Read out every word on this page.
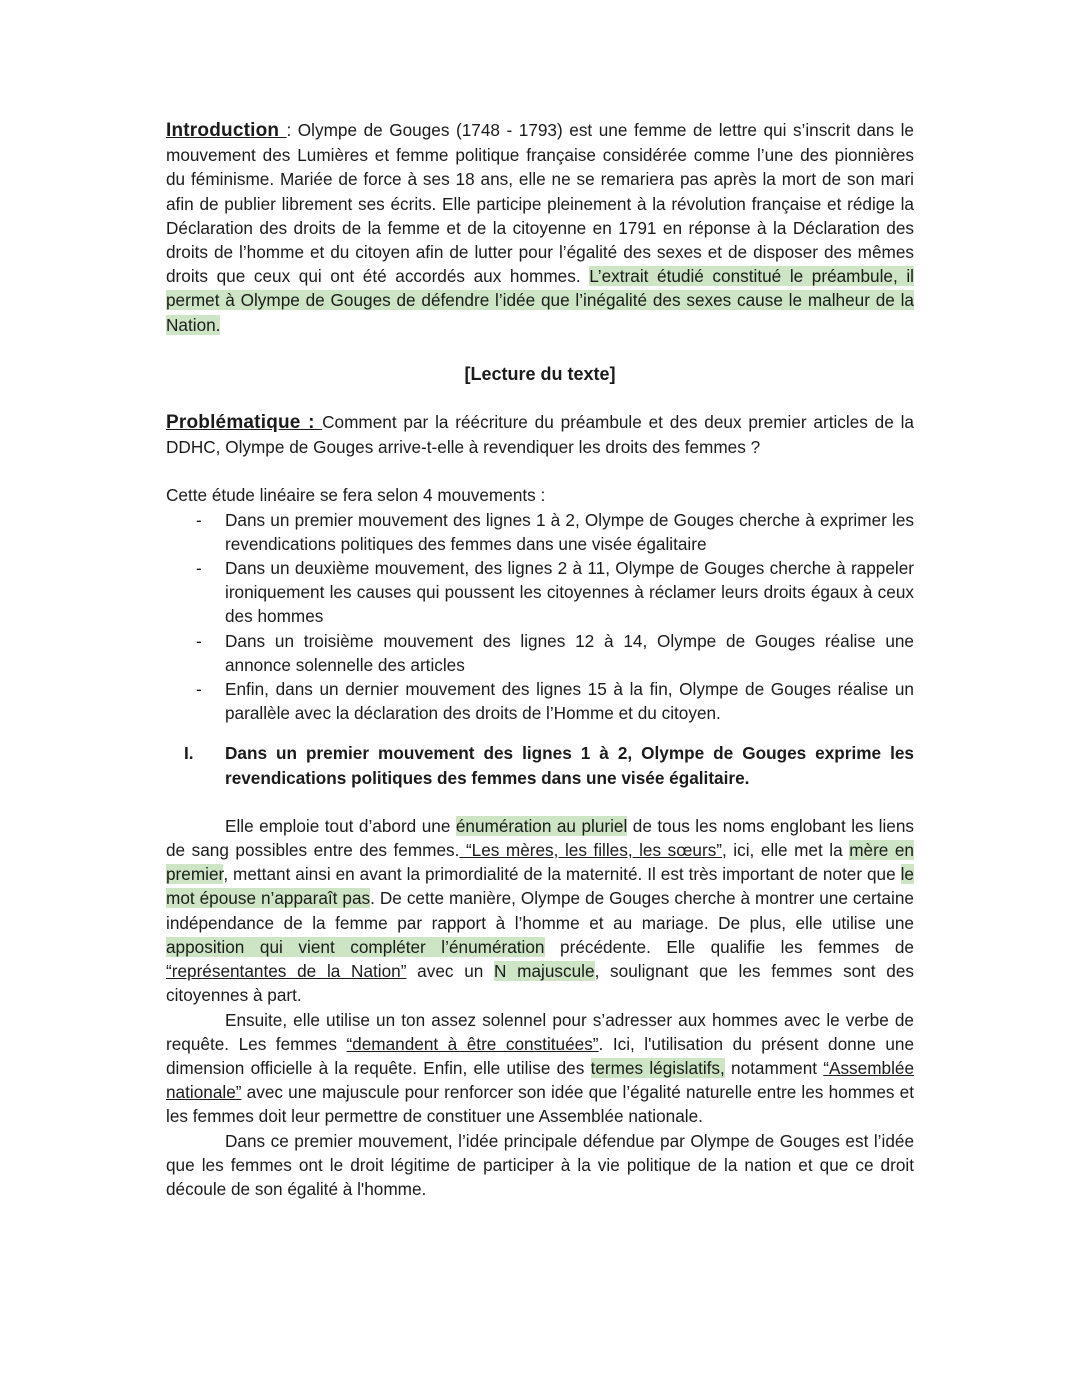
Introduction : Olympe de Gouges (1748 - 1793) est une femme de lettre qui s’inscrit dans le mouvement des Lumières et femme politique française considérée comme l’une des pionnières du féminisme. Mariée de force à ses 18 ans, elle ne se remariera pas après la mort de son mari afin de publier librement ses écrits. Elle participe pleinement à la révolution française et rédige la Déclaration des droits de la femme et de la citoyenne en 1791 en réponse à la Déclaration des droits de l’homme et du citoyen afin de lutter pour l’égalité des sexes et de disposer des mêmes droits que ceux qui ont été accordés aux hommes. L’extrait étudié constitué le préambule, il permet à Olympe de Gouges de défendre l’idée que l’inégalité des sexes cause le malheur de la Nation.

[Lecture du texte]

Problématique : Comment par la réécriture du préambule et des deux premier articles de la DDHC, Olympe de Gouges arrive-t-elle à revendiquer les droits des femmes ?

Cette étude linéaire se fera selon 4 mouvements :

- Dans un premier mouvement des lignes 1 à 2, Olympe de Gouges cherche à exprimer les revendications politiques des femmes dans une visée égalitaire
- Dans un deuxième mouvement, des lignes 2 à 11, Olympe de Gouges cherche à rappeler ironiquement les causes qui poussent les citoyennes à réclamer leurs droits égaux à ceux des hommes
- Dans un troisième mouvement des lignes 12 à 14, Olympe de Gouges réalise une annonce solennelle des articles
- Enfin, dans un dernier mouvement des lignes 15 à la fin, Olympe de Gouges réalise un parallèle avec la déclaration des droits de l’Homme et du citoyen.
I. Dans un premier mouvement des lignes 1 à 2, Olympe de Gouges exprime les revendications politiques des femmes dans une visée égalitaire.

Elle emploie tout d’abord une énumération au pluriel de tous les noms englobant les liens de sang possibles entre des femmes. “Les mères, les filles, les sœurs”, ici, elle met la mère en premier, mettant ainsi en avant la primordialité de la maternité. Il est très important de noter que le mot épouse n’apparaît pas. De cette manière, Olympe de Gouges cherche à montrer une certaine indépendance de la femme par rapport à l’homme et au mariage. De plus, elle utilise une apposition qui vient compléter l’énumération précédente. Elle qualifie les femmes de “représentantes de la Nation” avec un N majuscule, soulignant que les femmes sont des citoyennes à part.

Ensuite, elle utilise un ton assez solennel pour s’adresser aux hommes avec le verbe de requête. Les femmes “demandent à être constituées”. Ici, l'utilisation du présent donne une dimension officielle à la requête. Enfin, elle utilise des termes législatifs, notamment “Assemblée nationale” avec une majuscule pour renforcer son idée que l’égalité naturelle entre les hommes et les femmes doit leur permettre de constituer une Assemblée nationale.

Dans ce premier mouvement, l’idée principale défendue par Olympe de Gouges est l’idée que les femmes ont le droit légitime de participer à la vie politique de la nation et que ce droit découle de son égalité à l'homme.
